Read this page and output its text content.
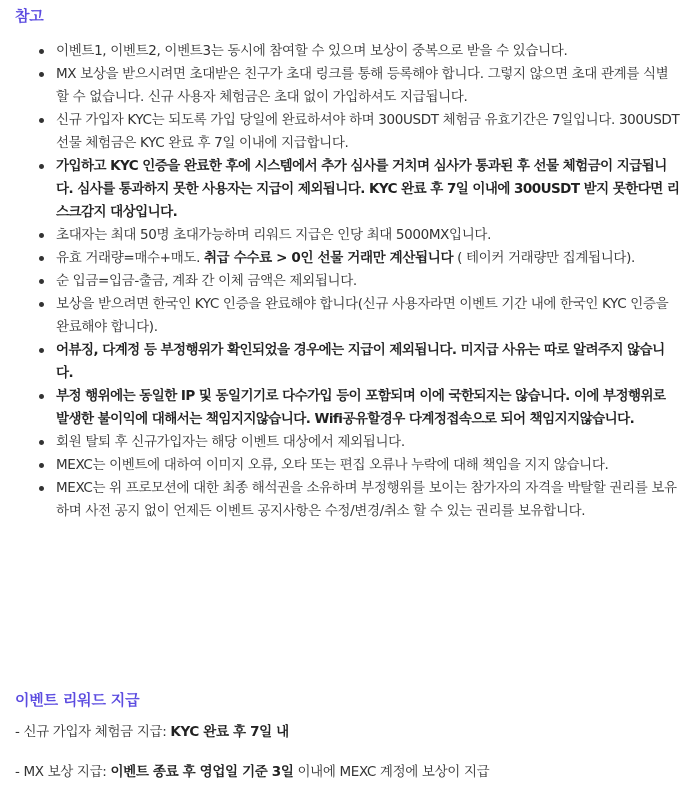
참고
이벤트1, 이벤트2, 이벤트3는 동시에 참여할 수 있으며 보상이 중복으로 받을 수 있습니다.
MX 보상을 받으시려면 초대받은 친구가 초대 링크를 통해 등록해야 합니다. 그렇지 않으면 초대 관계를 식별할 수 없습니다. 신규 사용자 체험금은 초대 없이 가입하셔도 지급됩니다.
신규 가입자 KYC는 되도록 가입 당일에 완료하셔야 하며 300USDT 체험금 유효기간은 7일입니다. 300USDT 선물 체험금은 KYC 완료 후 7일 이내에 지급합니다.
가입하고 KYC 인증을 완료한 후에 시스템에서 추가 심사를 거치며 심사가 통과된 후 선물 체험금이 지급됩니다. 심사를 통과하지 못한 사용자는 지급이 제외됩니다. KYC 완료 후 7일 이내에 300USDT 받지 못한다면 리스크감지 대상입니다.
초대자는 최대 50명 초대가능하며 리워드 지급은 인당 최대 5000MX입니다.
유효 거래량=매수+매도. 취급 수수료 > 0인 선물 거래만 계산됩니다 ( 테이커 거래량만 집계됩니다).
순 입금=입금-출금, 계좌 간 이체 금액은 제외됩니다.
보상을 받으려면 한국인 KYC 인증을 완료해야 합니다(신규 사용자라면 이벤트 기간 내에 한국인 KYC 인증을 완료해야 합니다).
어뷰징, 다계정 등 부정행위가 확인되었을 경우에는 지급이 제외됩니다. 미지급 사유는 따로 알려주지 않습니다.
부정 행위에는 동일한 IP 및 동일기기로 다수가입 등이 포함되며 이에 국한되지는 않습니다. 이에 부정행위로 발생한 불이익에 대해서는 책임지지않습니다. Wifi공유할경우 다계정접속으로 되어 책임지지않습니다.
회원 탈퇴 후 신규가입자는 해당 이벤트 대상에서 제외됩니다.
MEXC는 이벤트에 대하여 이미지 오류, 오타 또는 편집 오류나 누락에 대해 책임을 지지 않습니다.
MEXC는 위 프로모션에 대한 최종 해석권을 소유하며 부정행위를 보이는 참가자의 자격을 박탈할 권리를 보유하며 사전 공지 없이 언제든 이벤트 공지사항은 수정/변경/취소 할 수 있는 권리를 보유합니다.
이벤트 리워드 지급

- 신규 가입자 체험금 지급: KYC 완료 후 7일 내

- MX 보상 지급: 이벤트 종료 후 영업일 기준 3일 이내에 MEXC 계정에 보상이 지급
